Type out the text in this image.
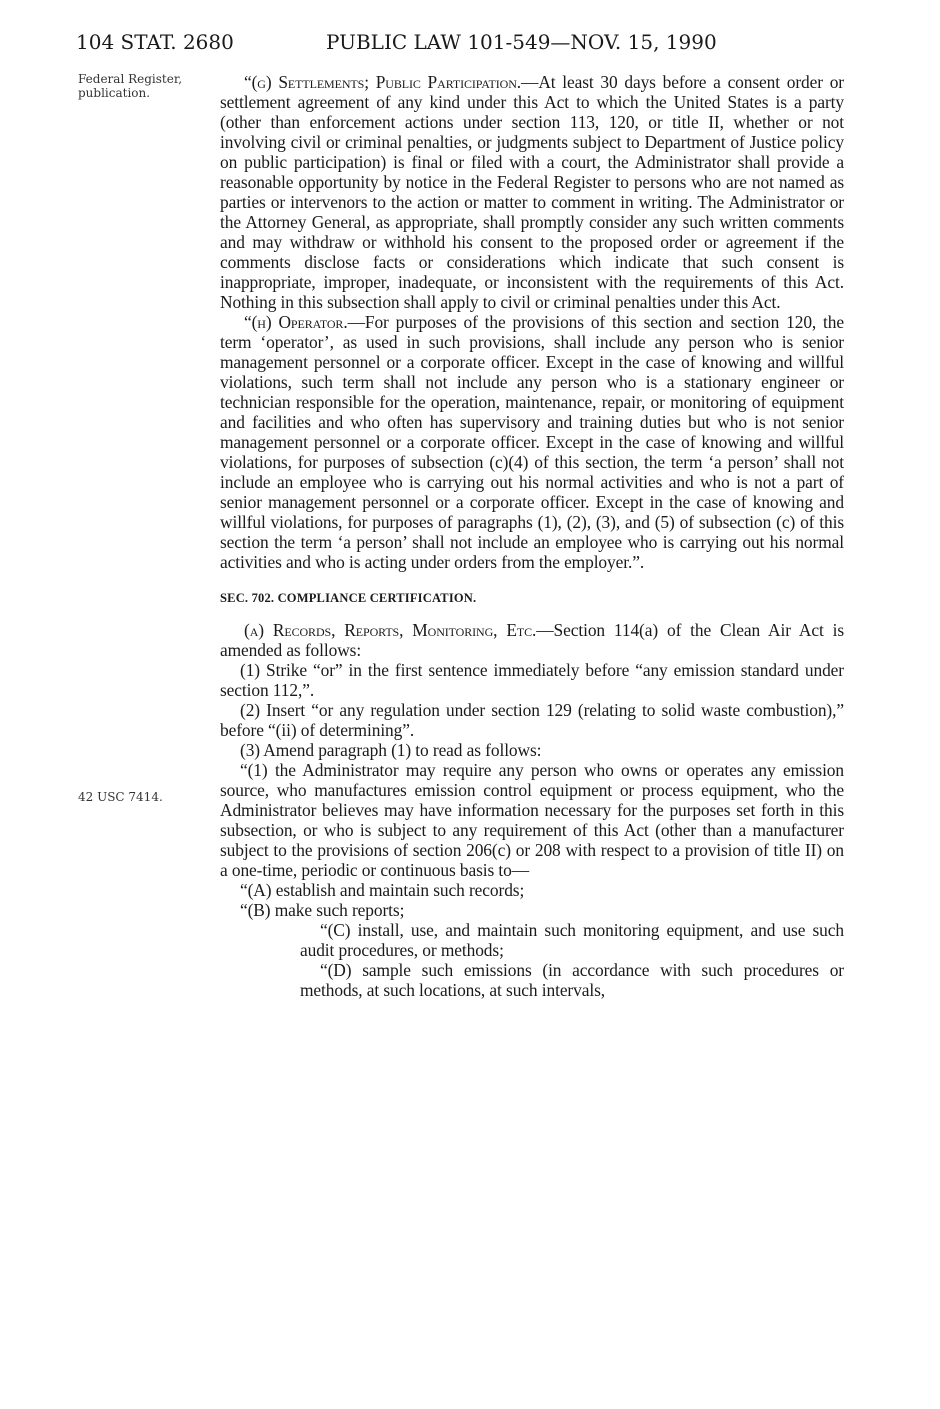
104 STAT. 2680	PUBLIC LAW 101-549—NOV. 15, 1990
Federal Register, publication.
42 USC 7414.

“(g) Settlements; Public Participation.—At least 30 days before a consent order or settlement agreement of any kind under this Act to which the United States is a party (other than enforcement actions under section 113, 120, or title II, whether or not involving civil or criminal penalties, or judgments subject to Department of Justice policy on public participation) is final or filed with a court, the Administrator shall provide a reasonable opportunity by notice in the Federal Register to persons who are not named as parties or intervenors to the action or matter to comment in writing. The Administrator or the Attorney General, as appropriate, shall promptly consider any such written comments and may withdraw or withhold his consent to the proposed order or agreement if the comments disclose facts or considerations which indicate that such consent is inappropriate, improper, inadequate, or inconsistent with the requirements of this Act. Nothing in this subsection shall apply to civil or criminal penalties under this Act.

“(h) Operator.—For purposes of the provisions of this section and section 120, the term ‘operator’, as used in such provisions, shall include any person who is senior management personnel or a corporate officer. Except in the case of knowing and willful violations, such term shall not include any person who is a stationary engineer or technician responsible for the operation, maintenance, repair, or monitoring of equipment and facilities and who often has supervisory and training duties but who is not senior management personnel or a corporate officer. Except in the case of knowing and willful violations, for purposes of subsection (c)(4) of this section, the term ‘a person’ shall not include an employee who is carrying out his normal activities and who is not a part of senior management personnel or a corporate officer. Except in the case of knowing and willful violations, for purposes of paragraphs (1), (2), (3), and (5) of subsection (c) of this section the term ‘a person’ shall not include an employee who is carrying out his normal activities and who is acting under orders from the employer.”.

SEC. 702. COMPLIANCE CERTIFICATION.

(a) Records, Reports, Monitoring, Etc.—Section 114(a) of the Clean Air Act is amended as follows:

(1) Strike “or” in the first sentence immediately before “any emission standard under section 112,”.

(2) Insert “or any regulation under section 129 (relating to solid waste combustion),” before “(ii) of determining”.

(3) Amend paragraph (1) to read as follows:

“(1) the Administrator may require any person who owns or operates any emission source, who manufactures emission control equipment or process equipment, who the Administrator believes may have information necessary for the purposes set forth in this subsection, or who is subject to any requirement of this Act (other than a manufacturer subject to the provisions of section 206(c) or 208 with respect to a provision of title II) on a one-time, periodic or continuous basis to—

“(A) establish and maintain such records;

“(B) make such reports;

“(C) install, use, and maintain such monitoring equipment, and use such audit procedures, or methods;

“(D) sample such emissions (in accordance with such procedures or methods, at such locations, at such intervals,
